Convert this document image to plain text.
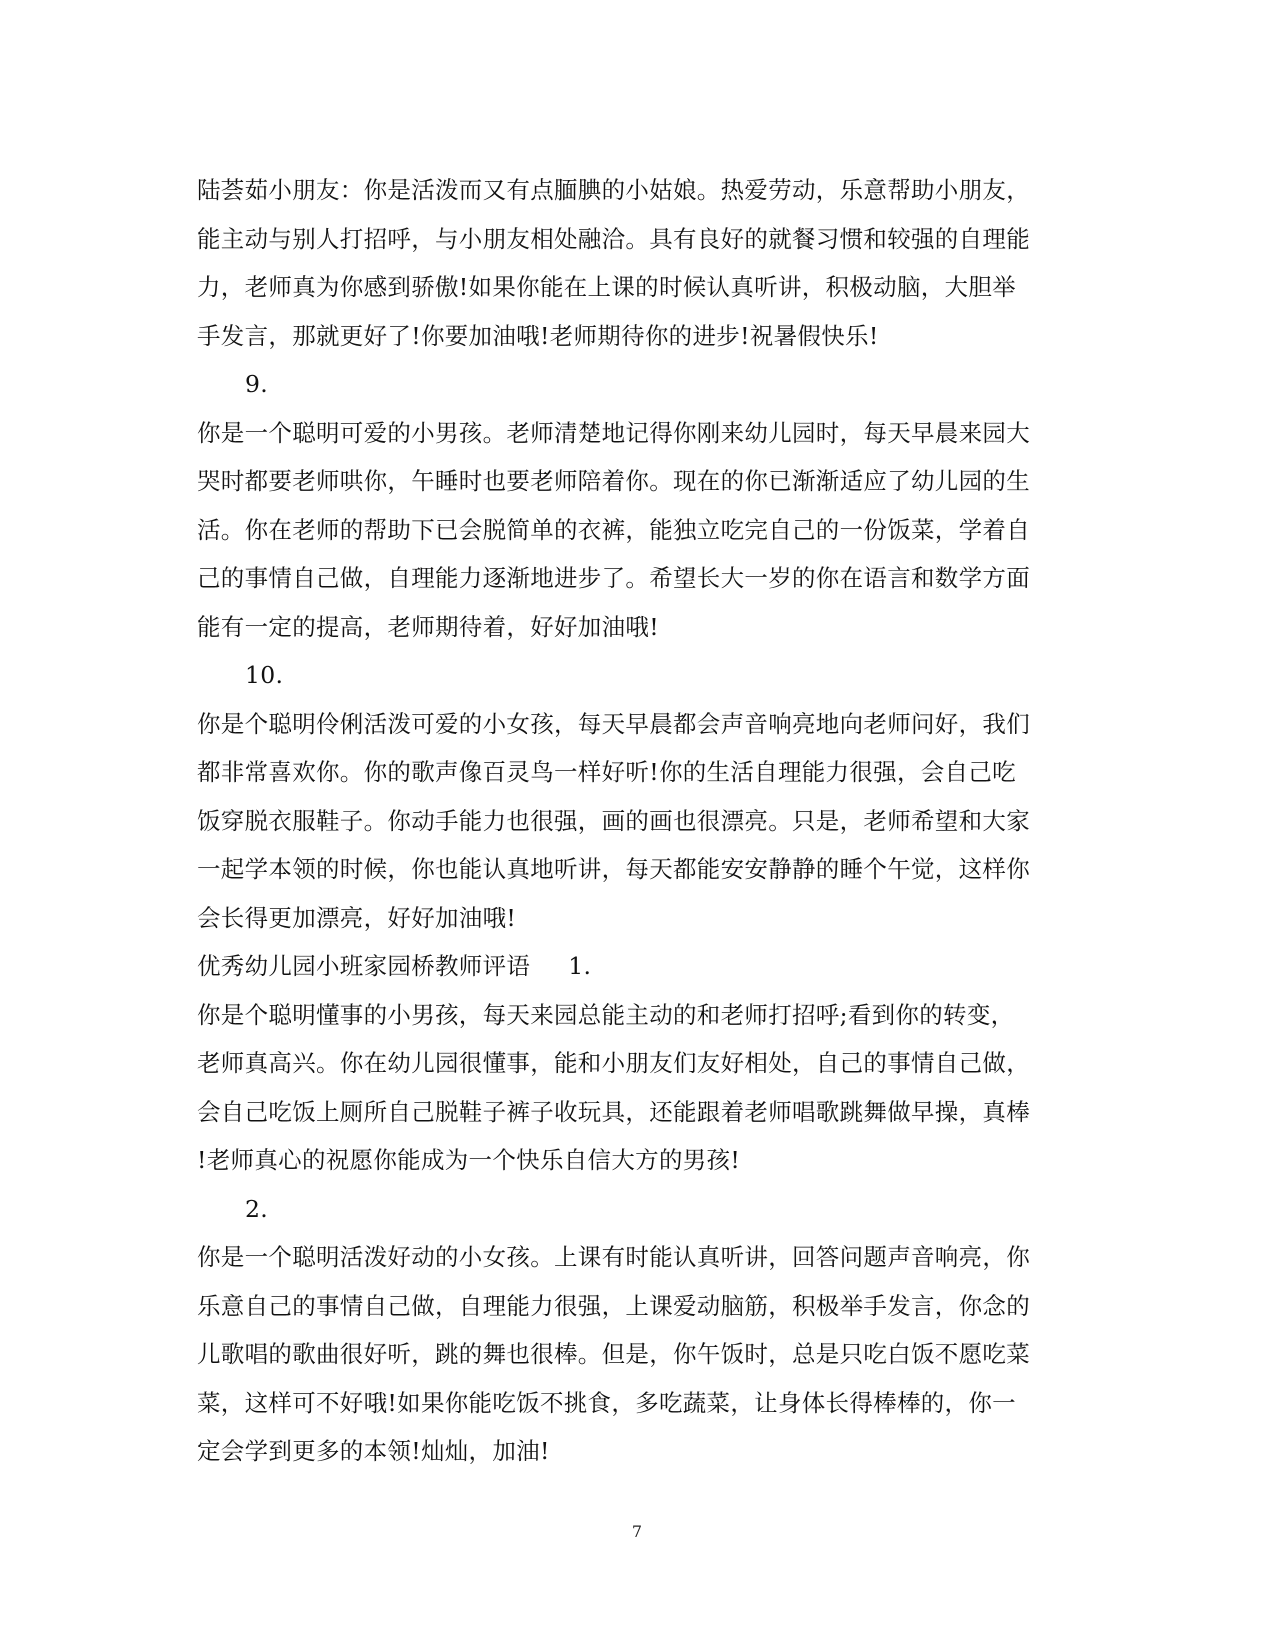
陆荟茹小朋友：你是活泼而又有点腼腆的小姑娘。热爱劳动，乐意帮助小朋友，
能主动与别人打招呼，与小朋友相处融洽。具有良好的就餐习惯和较强的自理能
力，老师真为你感到骄傲!如果你能在上课的时候认真听讲，积极动脑，大胆举
手发言，那就更好了!你要加油哦!老师期待你的进步!祝暑假快乐!
9.
你是一个聪明可爱的小男孩。老师清楚地记得你刚来幼儿园时，每天早晨来园大
哭时都要老师哄你，午睡时也要老师陪着你。现在的你已渐渐适应了幼儿园的生
活。你在老师的帮助下已会脱简单的衣裤，能独立吃完自己的一份饭菜，学着自
己的事情自己做，自理能力逐渐地进步了。希望长大一岁的你在语言和数学方面
能有一定的提高，老师期待着，好好加油哦!
10.
你是个聪明伶俐活泼可爱的小女孩，每天早晨都会声音响亮地向老师问好，我们
都非常喜欢你。你的歌声像百灵鸟一样好听!你的生活自理能力很强，会自己吃
饭穿脱衣服鞋子。你动手能力也很强，画的画也很漂亮。只是，老师希望和大家
一起学本领的时候，你也能认真地听讲，每天都能安安静静的睡个午觉，这样你
会长得更加漂亮，好好加油哦!
优秀幼儿园小班家园桥教师评语 1.
你是个聪明懂事的小男孩，每天来园总能主动的和老师打招呼;看到你的转变，
老师真高兴。你在幼儿园很懂事，能和小朋友们友好相处，自己的事情自己做，
会自己吃饭上厕所自己脱鞋子裤子收玩具，还能跟着老师唱歌跳舞做早操，真棒
!老师真心的祝愿你能成为一个快乐自信大方的男孩!
2.
你是一个聪明活泼好动的小女孩。上课有时能认真听讲，回答问题声音响亮，你
乐意自己的事情自己做，自理能力很强，上课爱动脑筋，积极举手发言，你念的
儿歌唱的歌曲很好听，跳的舞也很棒。但是，你午饭时，总是只吃白饭不愿吃菜
菜，这样可不好哦!如果你能吃饭不挑食，多吃蔬菜，让身体长得棒棒的，你一
定会学到更多的本领!灿灿，加油!
7
